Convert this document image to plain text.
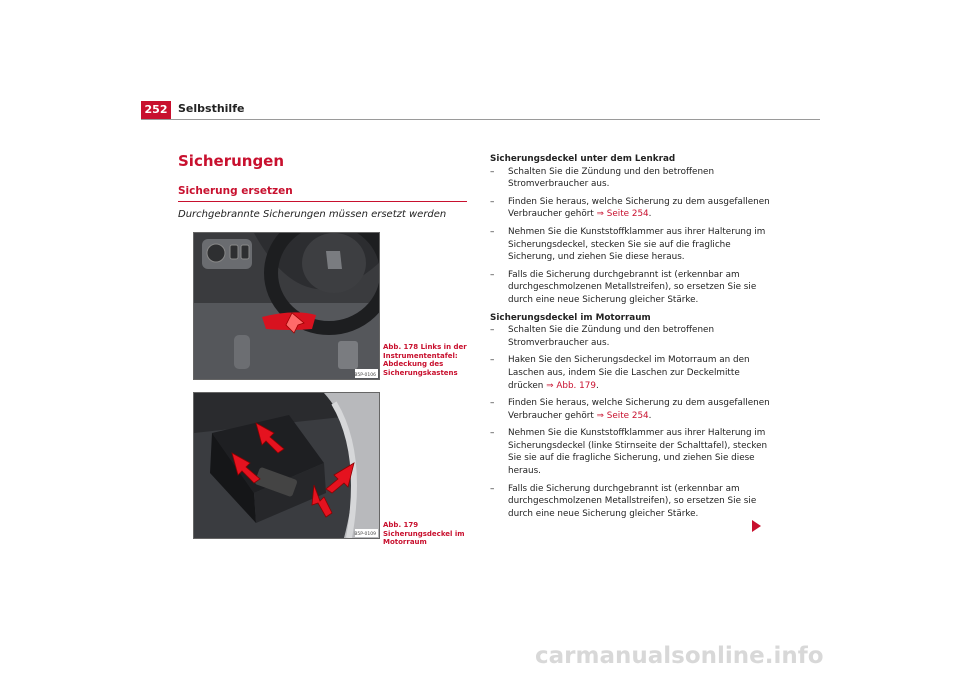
252 Selbsthilfe
Sicherungen
Sicherung ersetzen
Durchgebrannte Sicherungen müssen ersetzt werden
B5P-0106
Abb. 178 Links in der Instrumententafel: Abdeckung des Sicherungskastens
B5P-0109
Abb. 179 Sicherungsdeckel im Motorraum

Sicherungsdeckel unter dem Lenkrad

– Schalten Sie die Zündung und den betroffenen Stromverbraucher aus.

– Finden Sie heraus, welche Sicherung zu dem ausgefallenen Verbraucher gehört ⇒ Seite 254.

– Nehmen Sie die Kunststoffklammer aus ihrer Halterung im Sicherungsdeckel, stecken Sie sie auf die fragliche Sicherung, und ziehen Sie diese heraus.

– Falls die Sicherung durchgebrannt ist (erkennbar am durchgeschmolzenen Metallstreifen), so ersetzen Sie sie durch eine neue Sicherung gleicher Stärke.

Sicherungsdeckel im Motorraum

– Schalten Sie die Zündung und den betroffenen Stromverbraucher aus.

– Haken Sie den Sicherungsdeckel im Motorraum an den Laschen aus, indem Sie die Laschen zur Deckelmitte drücken ⇒ Abb. 179.

– Finden Sie heraus, welche Sicherung zu dem ausgefallenen Verbraucher gehört ⇒ Seite 254.

– Nehmen Sie die Kunststoffklammer aus ihrer Halterung im Sicherungsdeckel (linke Stirnseite der Schalttafel), stecken Sie sie auf die fragliche Sicherung, und ziehen Sie diese heraus.

– Falls die Sicherung durchgebrannt ist (erkennbar am durchgeschmolzenen Metallstreifen), so ersetzen Sie sie durch eine neue Sicherung gleicher Stärke.

carmanualsonline.info
